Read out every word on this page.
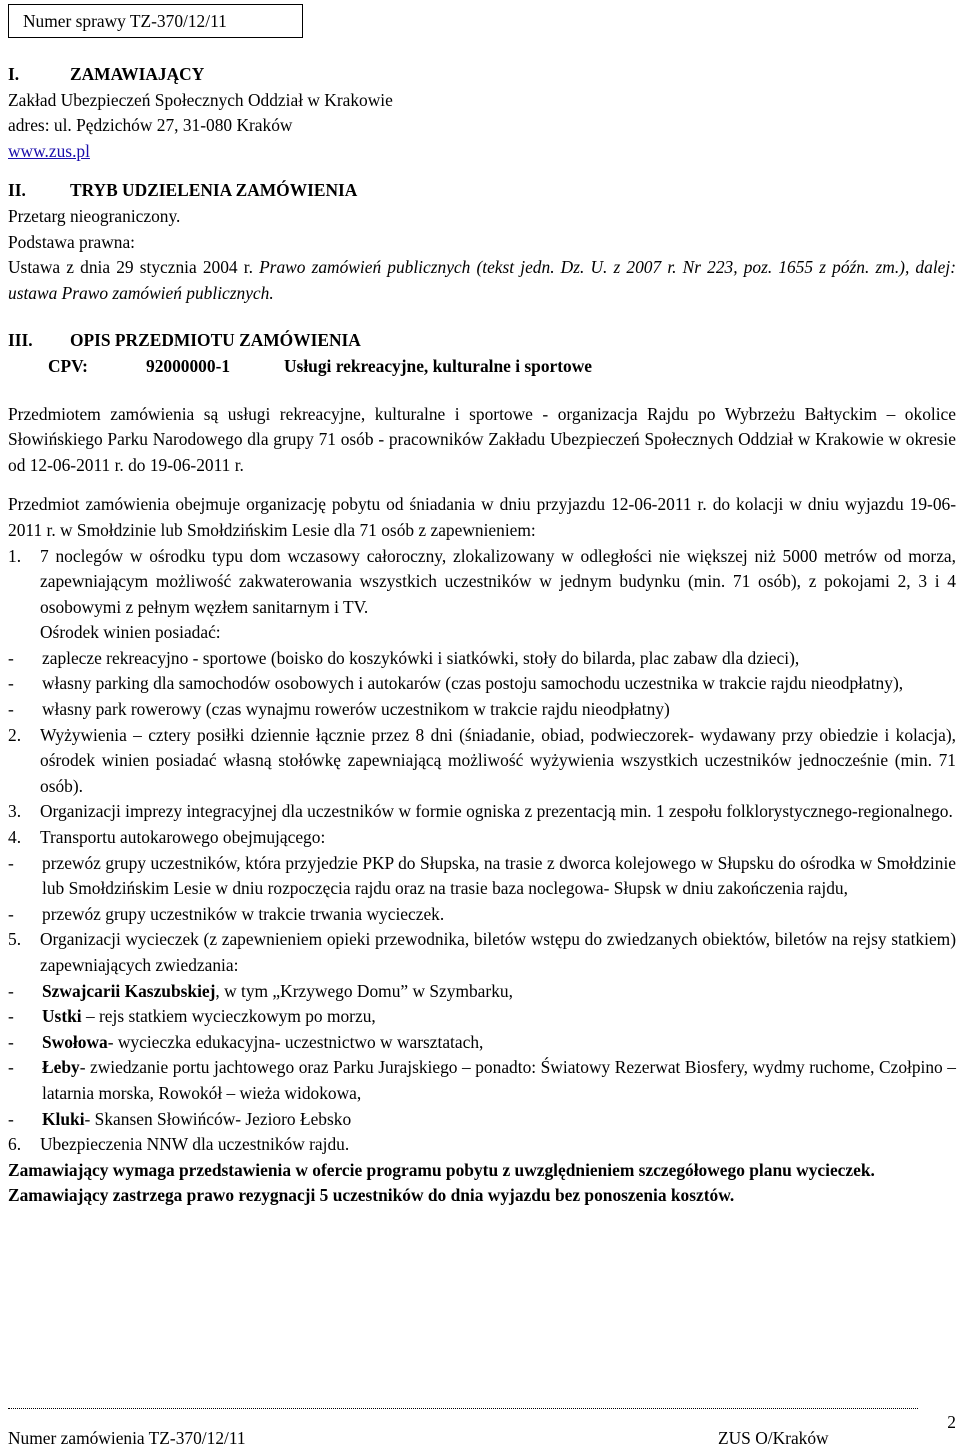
Numer sprawy TZ-370/12/11
I.	ZAMAWIAJĄCY

Zakład Ubezpieczeń Społecznych Oddział w Krakowie

adres: ul. Pędzichów 27, 31-080 Kraków

www.zus.pl

II.	TRYB UDZIELENIA ZAMÓWIENIA

Przetarg nieograniczony.

Podstawa prawna:

Ustawa z dnia 29 stycznia 2004 r. Prawo zamówień publicznych (tekst jedn. Dz. U. z 2007 r. Nr 223, poz. 1655 z późn. zm.), dalej: ustawa Prawo zamówień publicznych.

III.	OPIS PRZEDMIOTU ZAMÓWIENIA
CPV:	92000000-1	Usługi rekreacyjne, kulturalne i sportowe

Przedmiotem zamówienia są usługi rekreacyjne, kulturalne i sportowe - organizacja Rajdu po Wybrzeżu Bałtyckim – okolice Słowińskiego Parku Narodowego dla grupy 71 osób - pracowników Zakładu Ubezpieczeń Społecznych Oddział w Krakowie w okresie od 12-06-2011 r. do 19-06-2011 r.

Przedmiot zamówienia obejmuje organizację pobytu od śniadania w dniu przyjazdu 12-06-2011 r. do kolacji w dniu wyjazdu 19-06-2011 r. w Smołdzinie lub Smołdzińskim Lesie dla 71 osób z zapewnieniem:

1.	7 noclegów w ośrodku typu dom wczasowy całoroczny, zlokalizowany w odległości nie większej niż 5000 metrów od morza, zapewniającym możliwość zakwaterowania wszystkich uczestników w jednym budynku (min. 71 osób), z pokojami 2, 3 i 4 osobowymi z pełnym węzłem sanitarnym i TV.

Ośrodek winien posiadać:

-	zaplecze rekreacyjno - sportowe (boisko do koszykówki i siatkówki, stoły do bilarda, plac zabaw dla dzieci),
-	własny parking dla samochodów osobowych i autokarów (czas postoju samochodu uczestnika w trakcie rajdu nieodpłatny),
-	własny park rowerowy (czas wynajmu rowerów uczestnikom w trakcie rajdu nieodpłatny)
2.	Wyżywienia – cztery posiłki dziennie łącznie przez 8 dni (śniadanie, obiad, podwieczorek- wydawany przy obiedzie i kolacja), ośrodek winien posiadać własną stołówkę zapewniającą możliwość wyżywienia wszystkich uczestników jednocześnie (min. 71 osób).
3.	Organizacji imprezy integracyjnej dla uczestników w formie ogniska z prezentacją min. 1 zespołu folklorystycznego-regionalnego.
4.	Transportu autokarowego obejmującego:
-	przewóz grupy uczestników, która przyjedzie PKP do Słupska, na trasie z dworca kolejowego w Słupsku do ośrodka w Smołdzinie lub Smołdzińskim Lesie w dniu rozpoczęcia rajdu oraz na trasie baza noclegowa- Słupsk w dniu zakończenia rajdu,
-	przewóz grupy uczestników w trakcie trwania wycieczek.
5.	Organizacji wycieczek (z zapewnieniem opieki przewodnika, biletów wstępu do zwiedzanych obiektów, biletów na rejsy statkiem) zapewniających zwiedzania:
-	Szwajcarii Kaszubskiej, w tym „Krzywego Domu” w Szymbarku,
-	Ustki – rejs statkiem wycieczkowym po morzu,
-	Swołowa- wycieczka edukacyjna- uczestnictwo w warsztatach,
-	Łeby- zwiedzanie portu jachtowego oraz Parku Jurajskiego – ponadto: Światowy Rezerwat Biosfery, wydmy ruchome, Czołpino – latarnia morska, Rowokół – wieża widokowa,
-	Kluki- Skansen Słowińców- Jezioro Łebsko
6.	Ubezpieczenia NNW dla uczestników rajdu.

Zamawiający wymaga przedstawienia w ofercie programu pobytu z uwzględnieniem szczegółowego planu wycieczek.

Zamawiający zastrzega prawo rezygnacji 5 uczestników do dnia wyjazdu bez ponoszenia kosztów.

2
Numer zamówienia TZ-370/12/11	ZUS O/Kraków
